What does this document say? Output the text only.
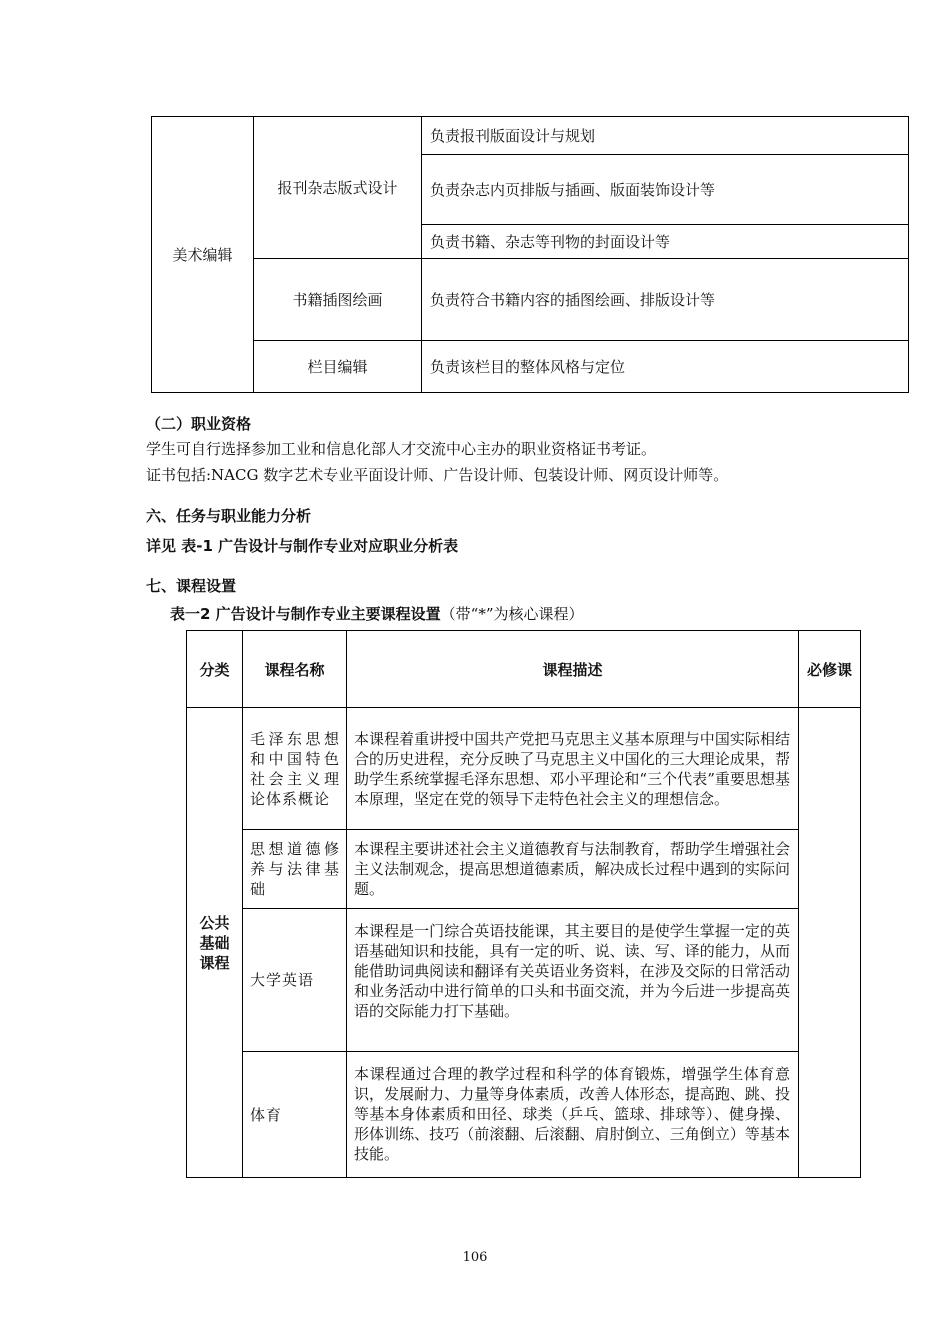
美术编辑	报刊杂志版式设计	负责报刊版面设计与规划
		负责杂志内页排版与插画、版面装饰设计等
		负责书籍、杂志等刊物的封面设计等
	书籍插图绘画	负责符合书籍内容的插图绘画、排版设计等
	栏目编辑	负责该栏目的整体风格与定位
（二）职业资格
学生可自行选择参加工业和信息化部人才交流中心主办的职业资格证书考证。
证书包括:NACG 数字艺术专业平面设计师、广告设计师、包装设计师、网页设计师等。
六、任务与职业能力分析
详见 表-1 广告设计与制作专业对应职业分析表
七、课程设置
表一2 广告设计与制作专业主要课程设置（带“*”为核心课程）
分类	课程名称	课程描述	必修课
公共
基础
课程	毛泽东思想和中国特色社会主义理论体系概论	本课程着重讲授中国共产党把马克思主义基本原理与中国实际相结合的历史进程，充分反映了马克思主义中国化的三大理论成果，帮助学生系统掌握毛泽东思想、邓小平理论和“三个代表”重要思想基本原理，坚定在党的领导下走特色社会主义的理想信念。	
	思想道德修养与法律基础	本课程主要讲述社会主义道德教育与法制教育，帮助学生增强社会主义法制观念，提高思想道德素质，解决成长过程中遇到的实际问题。	
	大学英语	本课程是一门综合英语技能课，其主要目的是使学生掌握一定的英语基础知识和技能，具有一定的听、说、读、写、译的能力，从而能借助词典阅读和翻译有关英语业务资料，在涉及交际的日常活动和业务活动中进行简单的口头和书面交流，并为今后进一步提高英语的交际能力打下基础。	
	体育	本课程通过合理的教学过程和科学的体育锻炼，增强学生体育意识，发展耐力、力量等身体素质，改善人体形态，提高跑、跳、投等基本身体素质和田径、球类（乒乓、篮球、排球等）、健身操、形体训练、技巧（前滚翻、后滚翻、肩肘倒立、三角倒立）等基本技能。	
106
